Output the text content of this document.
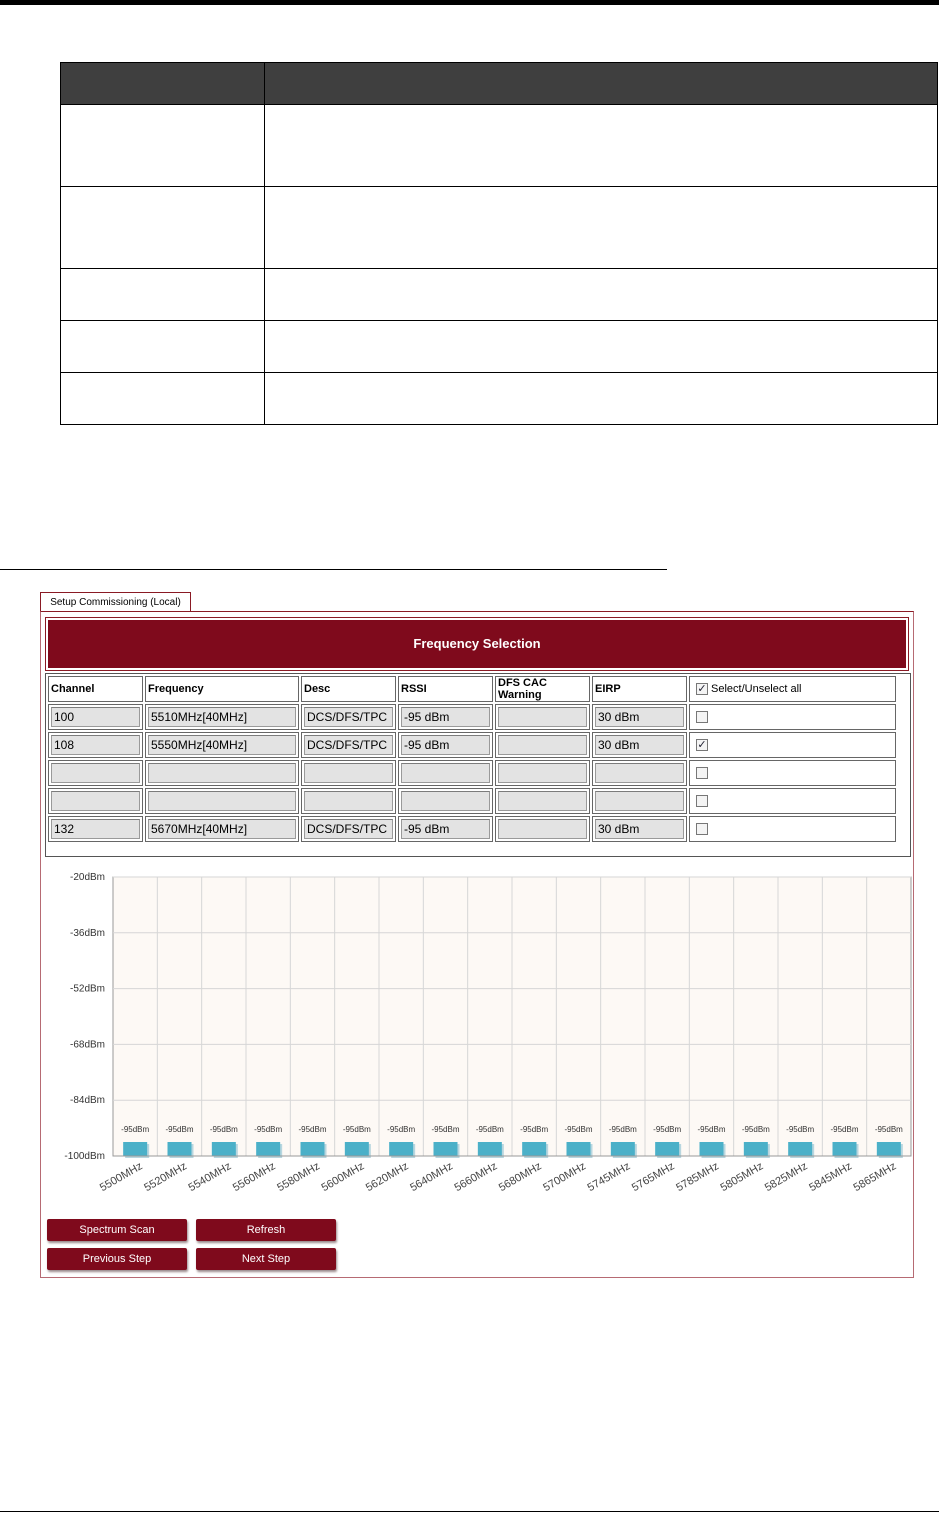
Setup Commissioning (Local)
Frequency Selection
Channel	Frequency	Desc	RSSI	DFS CAC Warning	EIRP	✓ Select/Unselect all

100	5510MHz[40MHz]	DCS/DFS/TPC	-95 dBm		30 dBm	

108	5550MHz[40MHz]	DCS/DFS/TPC	-95 dBm		30 dBm	✓

132	5670MHz[40MHz]	DCS/DFS/TPC	-95 dBm		30 dBm	

-20dBm
-36dBm
-52dBm
-68dBm
-84dBm
-100dBm
-95dBm
5500MHz
-95dBm
5520MHz
-95dBm
5540MHz
-95dBm
5560MHz
-95dBm
5580MHz
-95dBm
5600MHz
-95dBm
5620MHz
-95dBm
5640MHz
-95dBm
5660MHz
-95dBm
5680MHz
-95dBm
5700MHz
-95dBm
5745MHz
-95dBm
5765MHz
-95dBm
5785MHz
-95dBm
5805MHz
-95dBm
5825MHz
-95dBm
5845MHz
-95dBm
5865MHz
Spectrum Scan	Refresh
Previous Step	Next Step
